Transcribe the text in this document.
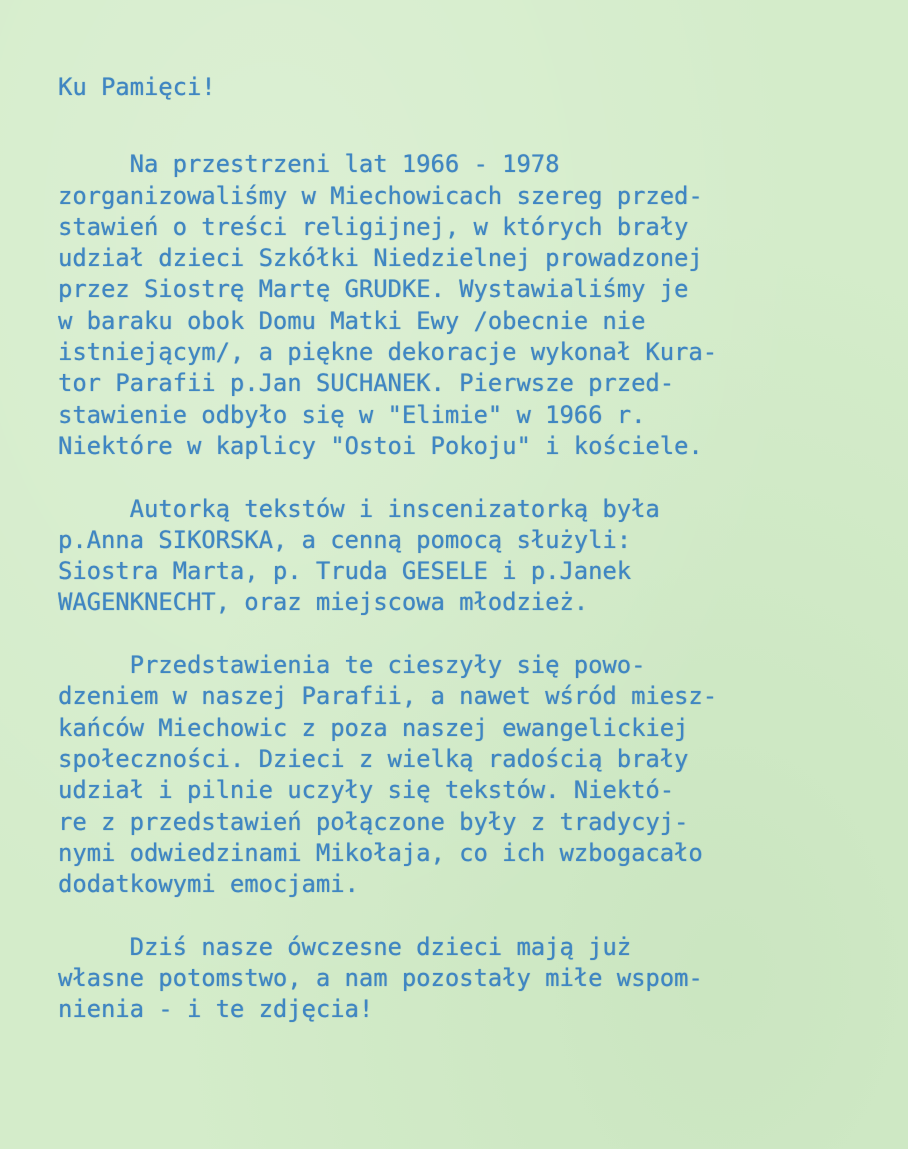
Ku Pamięci!
Na przestrzeni lat 1966 - 1978
zorganizowaliśmy w Miechowicach szereg przed-
stawień o treści religijnej, w których brały
udział dzieci Szkółki Niedzielnej prowadzonej
przez Siostrę Martę GRUDKE. Wystawialiśmy je
w baraku obok Domu Matki Ewy /obecnie nie
istniejącym/, a piękne dekoracje wykonał Kura-
tor Parafii p.Jan SUCHANEK. Pierwsze przed-
stawienie odbyło się w "Elimie" w 1966 r.
Niektóre w kaplicy "Ostoi Pokoju" i kościele.
Autorką tekstów i inscenizatorką była
p.Anna SIKORSKA, a cenną pomocą służyli:
Siostra Marta, p. Truda GESELE i p.Janek
WAGENKNECHT, oraz miejscowa młodzież.
Przedstawienia te cieszyły się powo-
dzeniem w naszej Parafii, a nawet wśród miesz-
kańców Miechowic z poza naszej ewangelickiej
społeczności. Dzieci z wielką radością brały
udział i pilnie uczyły się tekstów. Niektó-
re z przedstawień połączone były z tradycyj-
nymi odwiedzinami Mikołaja, co ich wzbogacało
dodatkowymi emocjami.
Dziś nasze ówczesne dzieci mają już
własne potomstwo, a nam pozostały miłe wspom-
nienia - i te zdjęcia!
